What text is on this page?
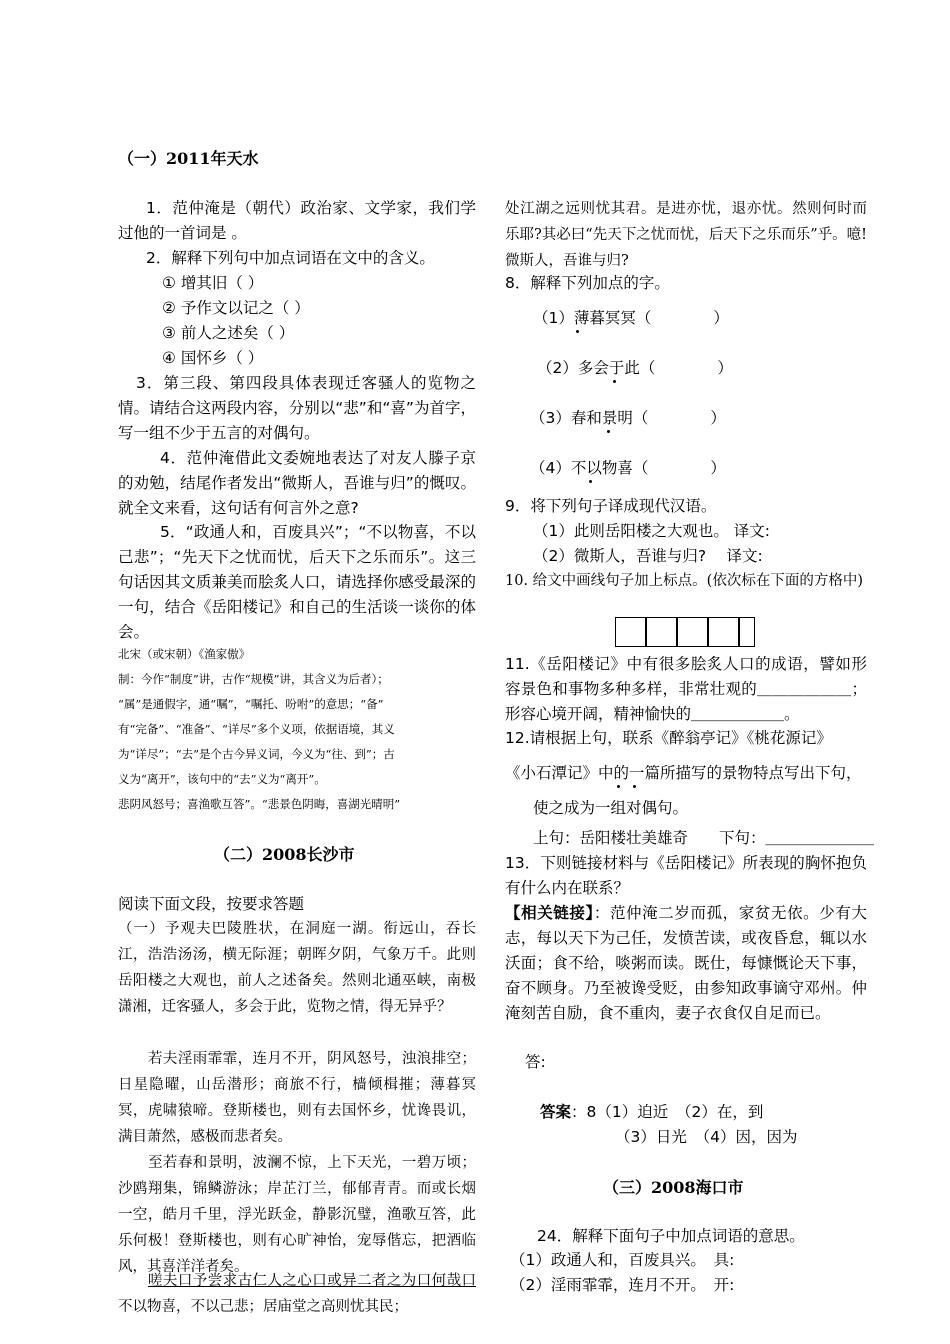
（一）2011年天水
1．范仲淹是（朝代）政治家、文学家，我们学过他的一首词是 。
2．解释下列句中加点词语在文中的含义。
① 增其旧（ ）
② 予作文以记之（ ）
③ 前人之述矣（ ）
④ 国怀乡（ ）
3．第三段、第四段具体表现迁客骚人的览物之情。请结合这两段内容，分别以“悲”和“喜”为首字，写一组不少于五言的对偶句。
4．范仲淹借此文委婉地表达了对友人滕子京的劝勉，结尾作者发出“微斯人，吾谁与归”的慨叹。就全文来看，这句话有何言外之意?
5．“政通人和，百废具兴”；“不以物喜，不以己悲”；“先天下之忧而忧，后天下之乐而乐”。这三句话因其文质兼美而脍炙人口，请选择你感受最深的一句，结合《岳阳楼记》和自己的生活谈一谈你的体会。
北宋（或宋朝）《渔家傲》
制：今作“制度”讲，古作“规模”讲，其含义为后者）；
“属”是通假字，通“嘱”，“嘱托、吩咐”的意思；“备”
有“完备”、“准备”、“详尽”多个义项，依据语境，其义
为“详尽”；“去”是个古今异义词，今义为“往、到”；古
义为“离开”，该句中的“去”义为“离开”。
悲阴风怒号；喜渔歌互答”。“悲景色阴晦，喜湖光晴明”
（二）2008长沙市
阅读下面文段，按要求答题
（一）予观夫巴陵胜状，在洞庭一湖。衔远山，吞长江，浩浩汤汤，横无际涯；朝晖夕阴，气象万千。此则岳阳楼之大观也，前人之述备矣。然则北通巫峡，南极潇湘，迁客骚人，多会于此，览物之情，得无异乎？
若夫淫雨霏霏，连月不开，阴风怒号，浊浪排空；日星隐曜，山岳潜形；商旅不行，樯倾楫摧；薄暮冥冥，虎啸猿啼。登斯楼也，则有去国怀乡，忧谗畏讥，满目萧然，感极而悲者矣。
至若春和景明，波澜不惊，上下天光，一碧万顷；沙鸥翔集，锦鳞游泳；岸芷汀兰，郁郁青青。而或长烟一空，皓月千里，浮光跃金，静影沉璧，渔歌互答，此乐何极！登斯楼也，则有心旷神怡，宠辱偕忘，把酒临风，其喜洋洋者矣。
嗟夫口予尝求古仁人之心口或异二者之为口何哉口不以物喜，不以己悲；居庙堂之高则忧其民；
处江湖之远则忧其君。是进亦忧，退亦忧。然则何时而乐耶?其必曰“先天下之忧而忧，后天下之乐而乐”乎。噫!微斯人，吾谁与归?
8．解释下列加点的字。
（1）薄暮冥冥（　　　　）
（2）多会于此（　　　　）
（3）春和景明（　　　　）
（4）不以物喜（　　　　）
9．将下列句子译成现代汉语。
（1）此则岳阳楼之大观也。 译文:
（2）微斯人，吾谁与归?　 译文:
10. 给文中画线句子加上标点。(依次标在下面的方格中)
11.《岳阳楼记》中有很多脍炙人口的成语，譬如形容景色和事物多种多样，非常壮观的＿＿＿＿＿＿；形容心境开阔，精神愉快的＿＿＿＿＿＿。
12.请根据上句，联系《醉翁亭记》《桃花源记》
《小石潭记》中的一篇所描写的景物特点写出下句，
使之成为一组对偶句。
上句：岳阳楼壮美雄奇　　下句：＿＿＿＿＿＿＿
13．下则链接材料与《岳阳楼记》所表现的胸怀抱负有什么内在联系？
【相关链接】：范仲淹二岁而孤，家贫无依。少有大志，每以天下为己任，发愤苦读，或夜昏怠，辄以水沃面；食不给，啖粥而读。既仕，每慷慨论天下事，奋不顾身。乃至被谗受贬，由参知政事谪守邓州。仲淹刻苦自励，食不重肉，妻子衣食仅自足而已。
答:
答案：8（1）迫近　（2）在，到
（3）日光　（4）因，因为
（三）2008海口市
24．解释下面句子中加点词语的意思。
（1）政通人和，百废具兴。　具:
（2）淫雨霏霏，连月不开。　开:
